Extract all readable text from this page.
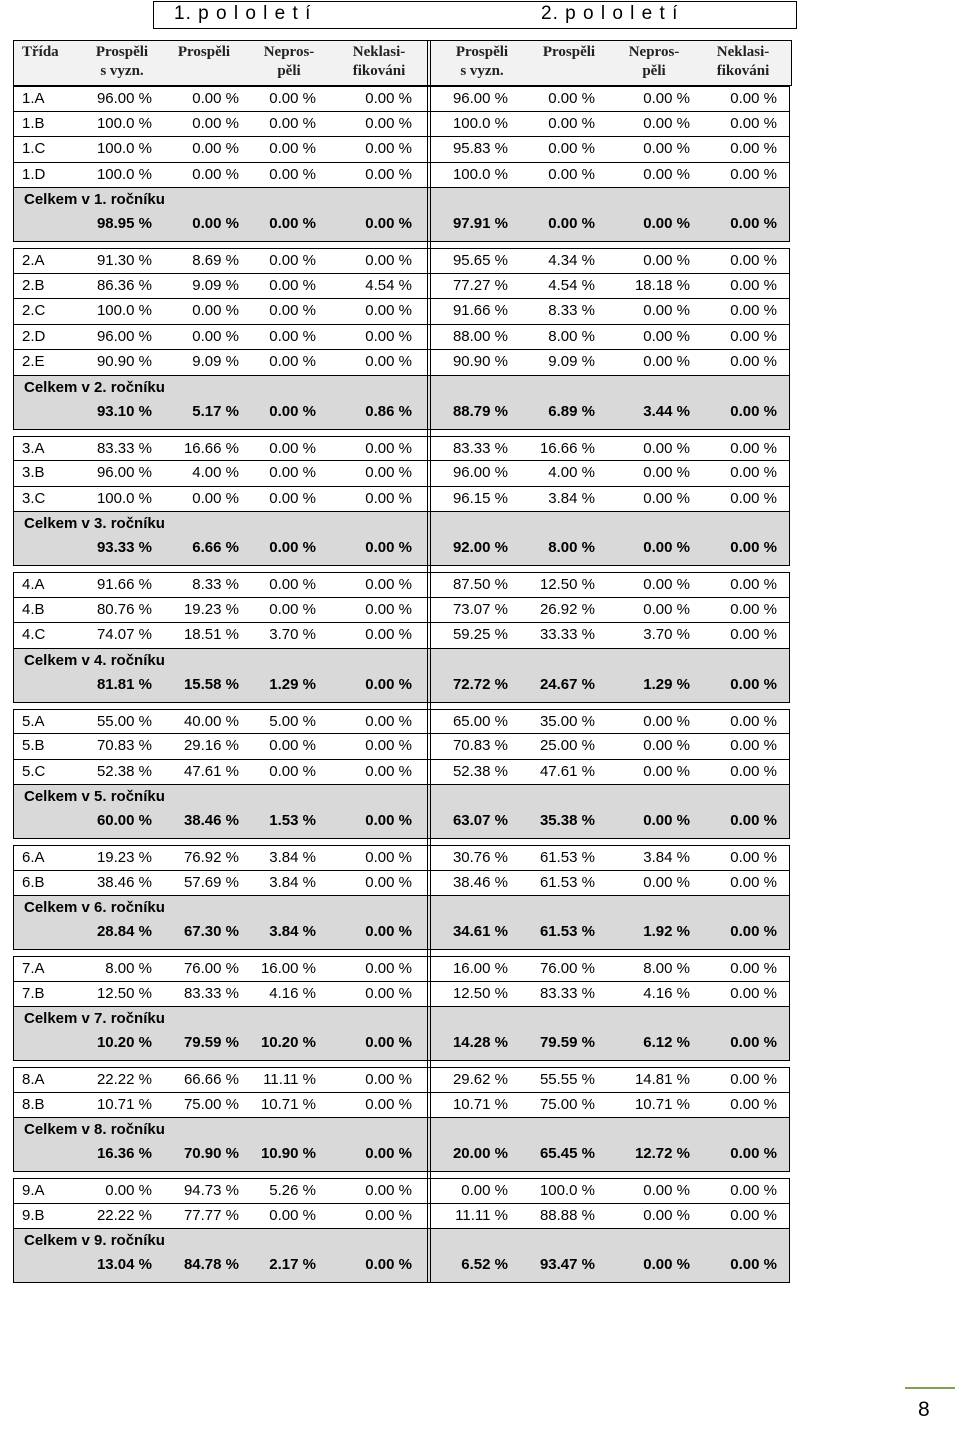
1. p o l o l e t í	2. p o l o l e t í
Třída	Prospěli
s vyzn.
Prospěli	Nepros-
pěli
Neklasi-
fikováni
Prospěli
s vyzn.
Prospěli	Nepros-
pěli
Neklasi-
fikováni
1.A	96.00 %	0.00 % 0.00 %	0.00 %	96.00 %	0.00 %	0.00 %	0.00 %
1.B	100.0 %	0.00 % 0.00 %	0.00 %	100.0 %	0.00 %	0.00 %	0.00 %
1.C	100.0 %	0.00 % 0.00 %	0.00 %	95.83 %	0.00 %	0.00 %	0.00 %
1.D	100.0 %	0.00 % 0.00 %	0.00 %	100.0 %	0.00 %	0.00 %	0.00 %
Celkem v 1. ročníku
98.95 %	0.00 % 0.00 %	0.00 %	97.91 %	0.00 %	0.00 %	0.00 %
2.A	91.30 %	8.69 % 0.00 %	0.00 %	95.65 %	4.34 %	0.00 %	0.00 %
2.B	86.36 %	9.09 % 0.00 %	4.54 %	77.27 %	4.54 %	18.18 %	0.00 %
2.C	100.0 %	0.00 % 0.00 %	0.00 %	91.66 %	8.33 %	0.00 %	0.00 %
2.D	96.00 %	0.00 % 0.00 %	0.00 %	88.00 %	8.00 %	0.00 %	0.00 %
2.E	90.90 %	9.09 % 0.00 %	0.00 %	90.90 %	9.09 %	0.00 %	0.00 %
Celkem v 2. ročníku
93.10 %	5.17 % 0.00 %	0.86 %	88.79 %	6.89 %	3.44 %	0.00 %
3.A	83.33 % 16.66 % 0.00 %	0.00 %	83.33 % 16.66 %	0.00 %	0.00 %
3.B	96.00 %	4.00 % 0.00 %	0.00 %	96.00 %	4.00 %	0.00 %	0.00 %
3.C	100.0 %	0.00 % 0.00 %	0.00 %	96.15 %	3.84 %	0.00 %	0.00 %
Celkem v 3. ročníku
93.33 %	6.66 % 0.00 %	0.00 %	92.00 %	8.00 %	0.00 %	0.00 %
4.A	91.66 %	8.33 % 0.00 %	0.00 %	87.50 % 12.50 %	0.00 %	0.00 %
4.B	80.76 % 19.23 % 0.00 %	0.00 %	73.07 % 26.92 %	0.00 %	0.00 %
4.C	74.07 % 18.51 % 3.70 %	0.00 %	59.25 % 33.33 %	3.70 %	0.00 %
Celkem v 4. ročníku
81.81 % 15.58 % 1.29 %	0.00 %	72.72 % 24.67 %	1.29 %	0.00 %
5.A	55.00 % 40.00 % 5.00 %	0.00 %	65.00 % 35.00 %	0.00 %	0.00 %
5.B	70.83 % 29.16 % 0.00 %	0.00 %	70.83 % 25.00 %	0.00 %	0.00 %
5.C	52.38 % 47.61 % 0.00 %	0.00 %	52.38 % 47.61 %	0.00 %	0.00 %
Celkem v 5. ročníku
60.00 % 38.46 % 1.53 %	0.00 %	63.07 % 35.38 %	0.00 %	0.00 %
6.A	19.23 % 76.92 % 3.84 %	0.00 %	30.76 % 61.53 %	3.84 %	0.00 %
6.B	38.46 % 57.69 % 3.84 %	0.00 %	38.46 % 61.53 %	0.00 %	0.00 %
Celkem v 6. ročníku
28.84 % 67.30 % 3.84 %	0.00 %	34.61 % 61.53 %	1.92 %	0.00 %
7.A	8.00 % 76.00 % 16.00 %	0.00 %	16.00 % 76.00 %	8.00 %	0.00 %
7.B	12.50 % 83.33 % 4.16 %	0.00 %	12.50 % 83.33 %	4.16 %	0.00 %
Celkem v 7. ročníku
10.20 % 79.59 % 10.20 %	0.00 %	14.28 % 79.59 %	6.12 %	0.00 %
8.A	22.22 % 66.66 % 11.11 %	0.00 %	29.62 % 55.55 %	14.81 %	0.00 %
8.B	10.71 % 75.00 % 10.71 %	0.00 %	10.71 % 75.00 %	10.71 %	0.00 %
Celkem v 8. ročníku
16.36 % 70.90 % 10.90 %	0.00 %	20.00 % 65.45 %	12.72 %	0.00 %
9.A	0.00 % 94.73 % 5.26 %	0.00 %	0.00 % 100.0 %	0.00 %	0.00 %
9.B	22.22 % 77.77 % 0.00 %	0.00 %	11.11 % 88.88 %	0.00 %	0.00 %
Celkem v 9. ročníku
13.04 % 84.78 % 2.17 %	0.00 %	6.52 % 93.47 %	0.00 %	0.00 %
8
